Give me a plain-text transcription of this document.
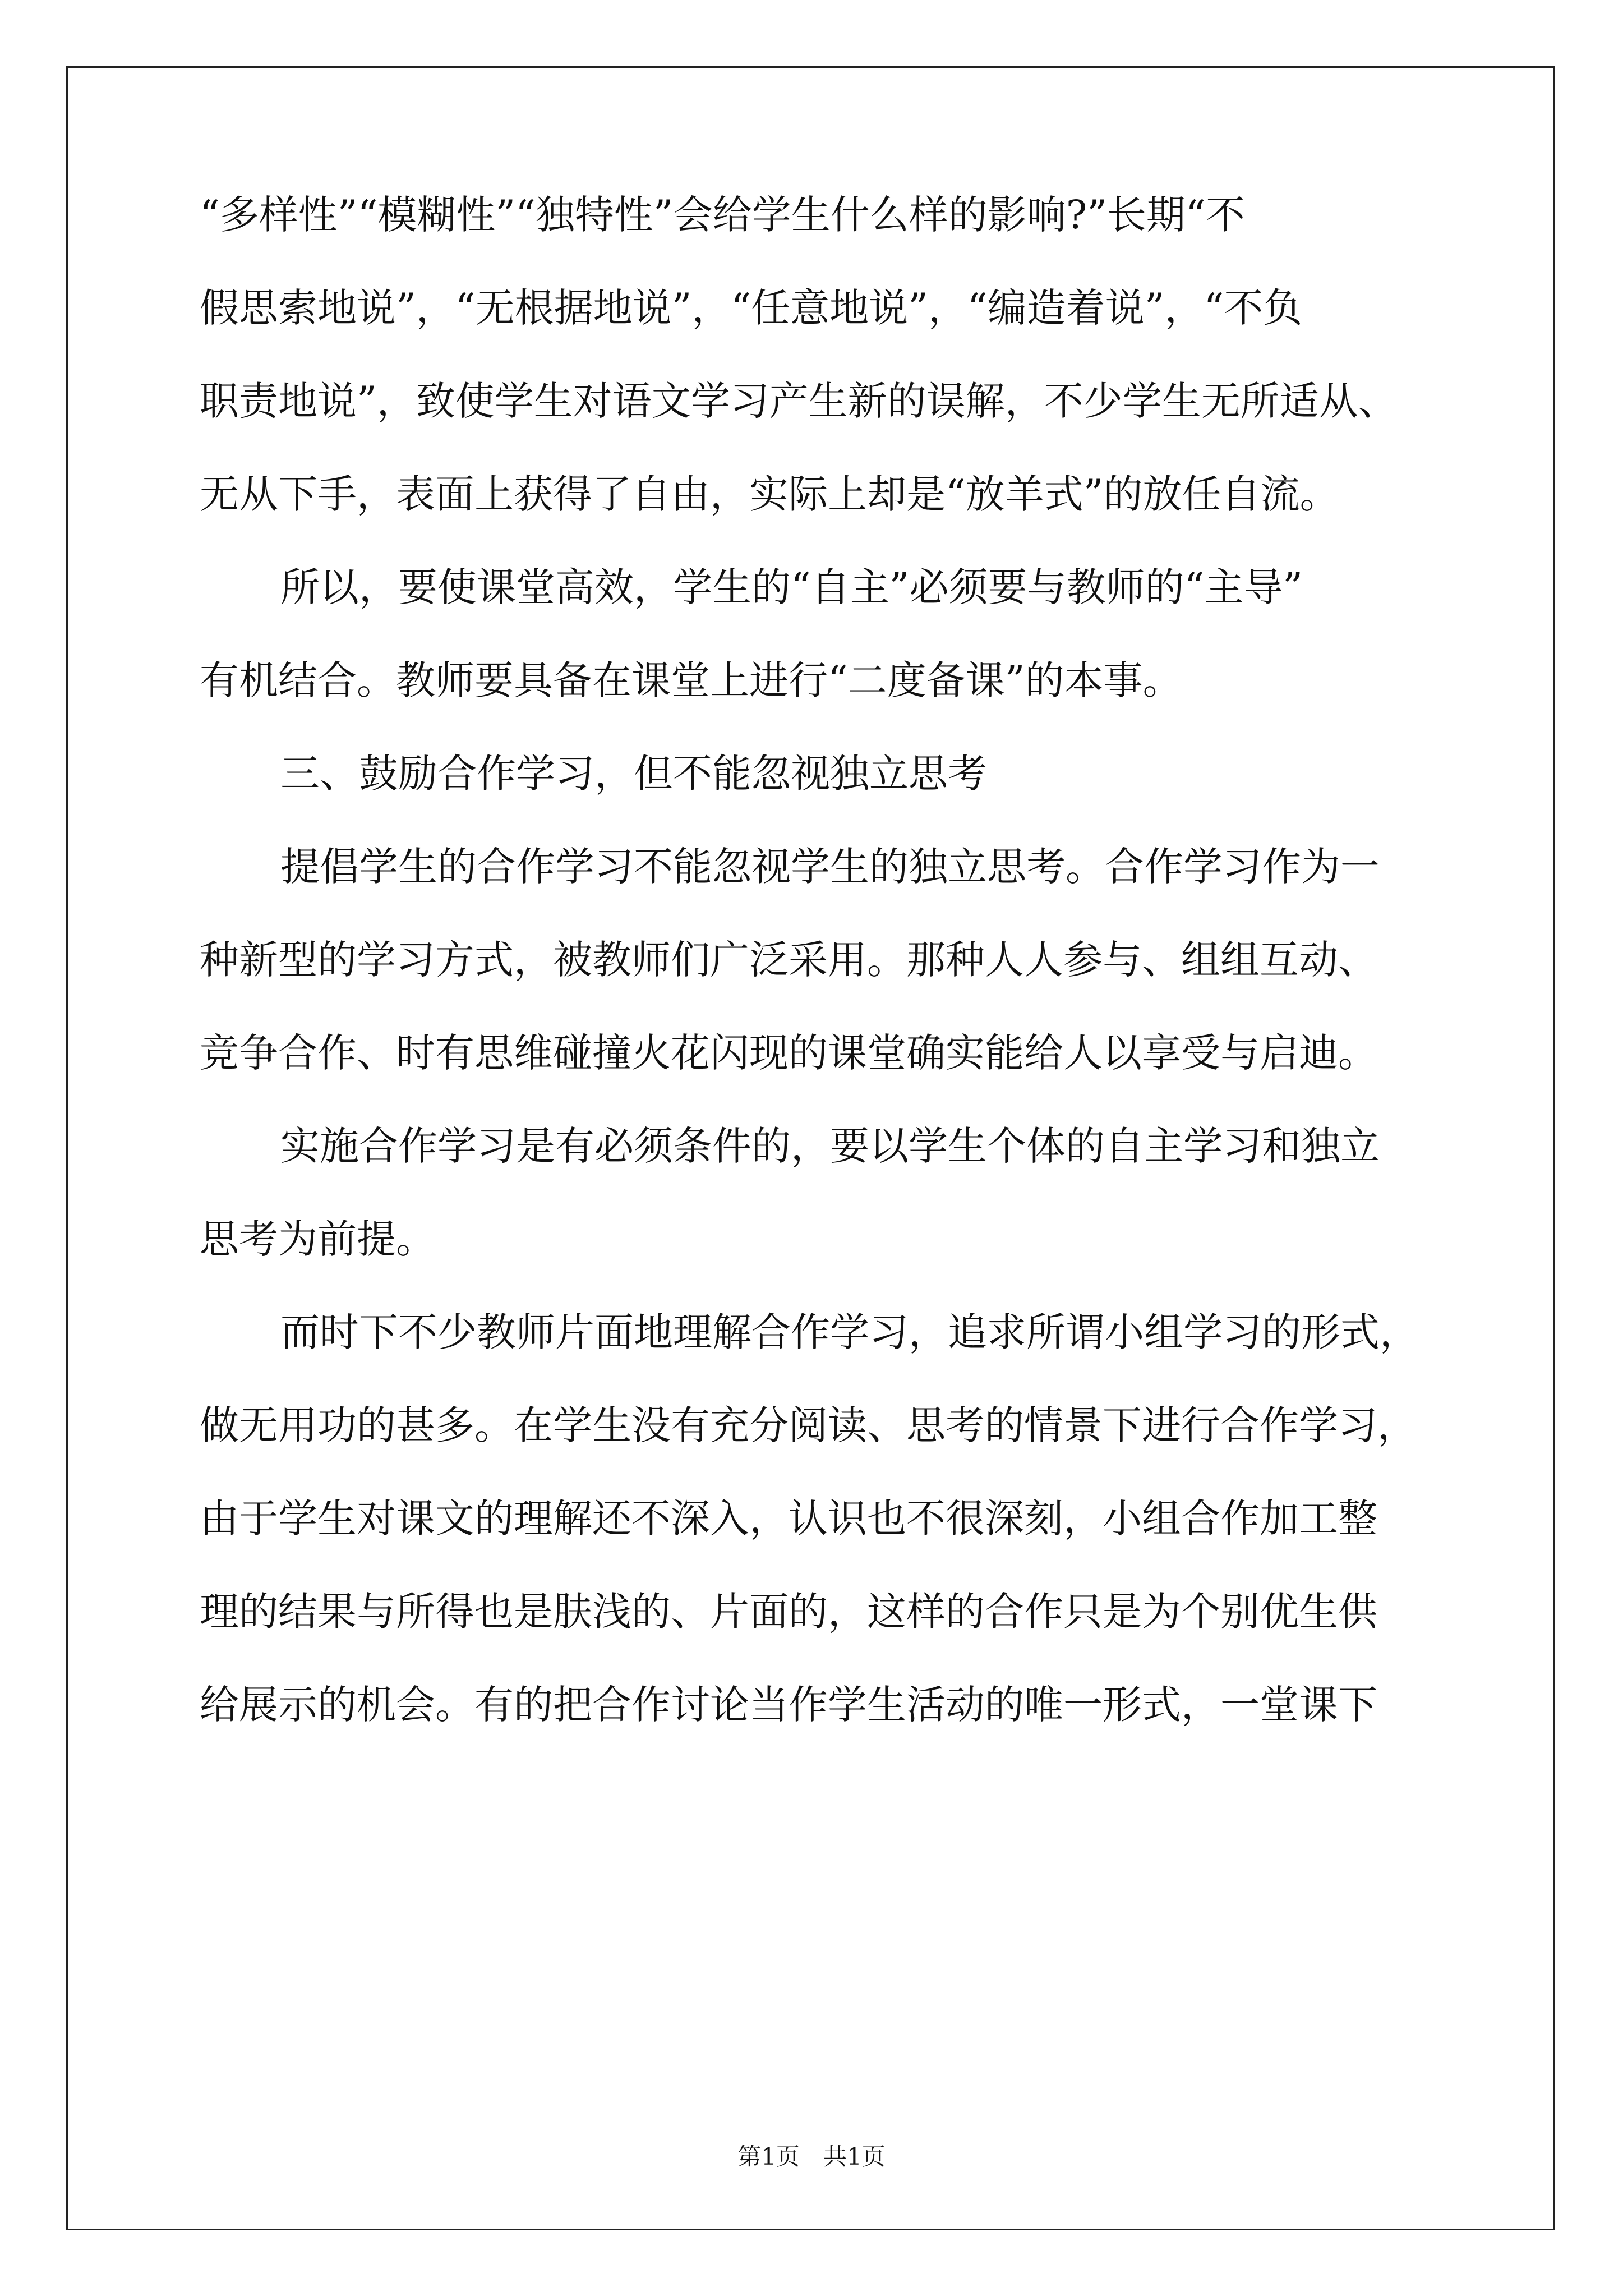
“多样性”“模糊性”“独特性”会给学生什么样的影响?”长期“不
假思索地说”，“无根据地说”，“任意地说”，“编造着说”，“不负
职责地说”，致使学生对语文学习产生新的误解，不少学生无所适从、
无从下手，表面上获得了自由，实际上却是“放羊式”的放任自流。
所以，要使课堂高效，学生的“自主”必须要与教师的“主导”
有机结合。教师要具备在课堂上进行“二度备课”的本事。
三、鼓励合作学习，但不能忽视独立思考
提倡学生的合作学习不能忽视学生的独立思考。合作学习作为一
种新型的学习方式，被教师们广泛采用。那种人人参与、组组互动、
竞争合作、时有思维碰撞火花闪现的课堂确实能给人以享受与启迪。
实施合作学习是有必须条件的，要以学生个体的自主学习和独立
思考为前提。
而时下不少教师片面地理解合作学习，追求所谓小组学习的形式，
做无用功的甚多。在学生没有充分阅读、思考的情景下进行合作学习，
由于学生对课文的理解还不深入，认识也不很深刻，小组合作加工整
理的结果与所得也是肤浅的、片面的，这样的合作只是为个别优生供
给展示的机会。有的把合作讨论当作学生活动的唯一形式，一堂课下
第1页　共1页
